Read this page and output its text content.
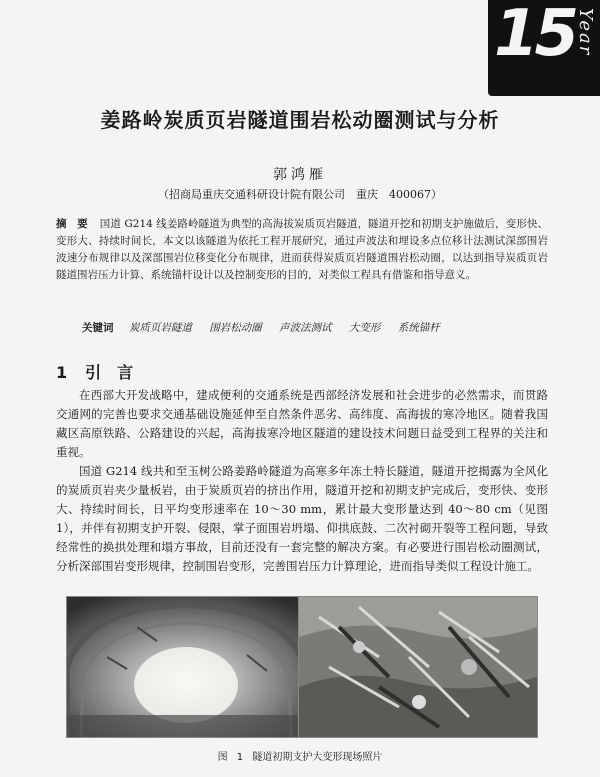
15 Year
姜路岭炭质页岩隧道围岩松动圈测试与分析
郭鸿雁
（招商局重庆交通科研设计院有限公司　重庆　400067）

摘　要 国道 G214 线姜路岭隧道为典型的高海拔炭质页岩隧道，隧道开挖和初期支护施做后，变形快、变形大、持续时间长，本文以该隧道为依托工程开展研究，通过声波法和埋设多点位移计法测试深部围岩波速分布规律以及深部围岩位移变化分布规律，进而获得炭质页岩隧道围岩松动圈，以达到指导炭质页岩隧道围岩压力计算、系统锚杆设计以及控制变形的目的，对类似工程具有借鉴和指导意义。

关键词 炭质页岩隧道 围岩松动圈 声波法测试 大变形 系统锚杆
1 引　言

在西部大开发战略中，建成便利的交通系统是西部经济发展和社会进步的必然需求，而贯路交通网的完善也要求交通基础设施延伸至自然条件恶劣、高纬度、高海拔的寒冷地区。随着我国藏区高原铁路、公路建设的兴起，高海拔寒冷地区隧道的建设技术问题日益受到工程界的关注和重视。

国道 G214 线共和至玉树公路姜路岭隧道为高寒多年冻土特长隧道，隧道开挖揭露为全风化的炭质页岩夹少量板岩，由于炭质页岩的挤出作用，隧道开挖和初期支护完成后，变形快、变形大、持续时间长，日平均变形速率在 10～30 mm，累计最大变形量达到 40～80 cm（见图1），并伴有初期支护开裂、侵限，掌子面围岩坍塌、仰拱底鼓、二次衬砌开裂等工程问题，导致经常性的换拱处理和塌方事故，目前还没有一套完整的解决方案。有必要进行围岩松动圈测试，分析深部围岩变形规律，控制围岩变形，完善围岩压力计算理论，进而指导类似工程设计施工。

图 1 隧道初期支护大变形现场照片
